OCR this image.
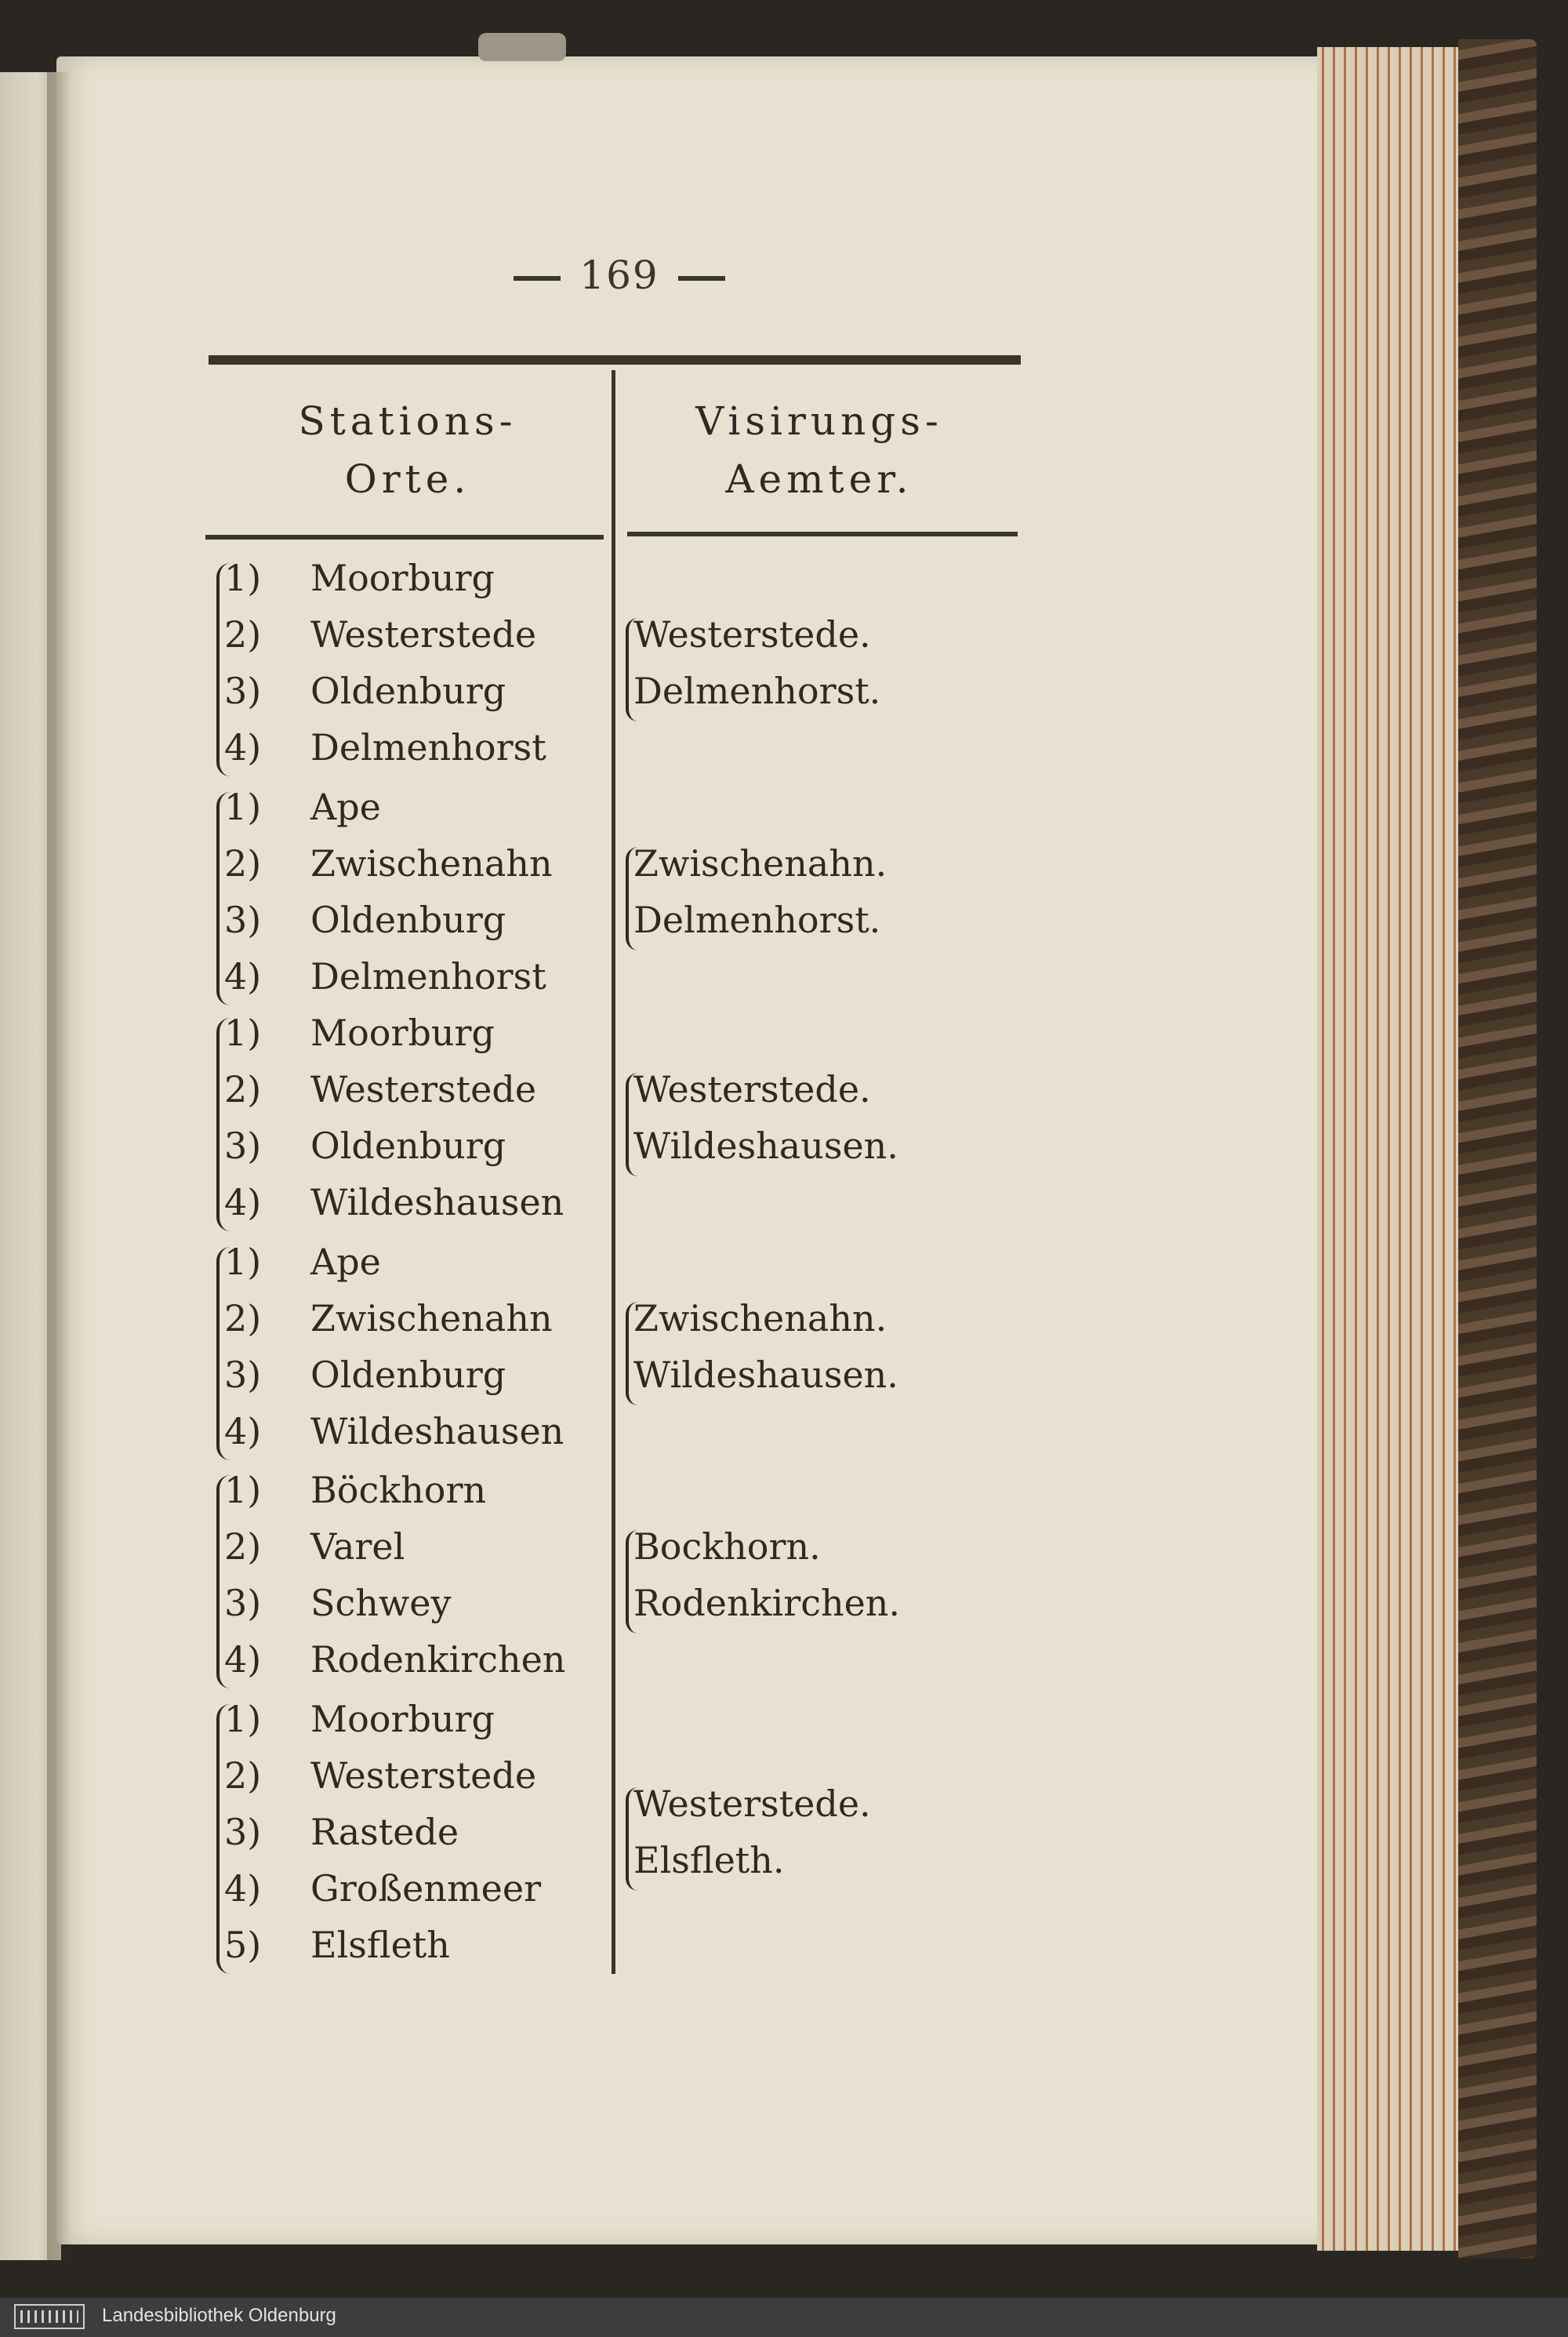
169
Stations-
Orte.
Visirungs-
Aemter.
1) Moorburg
2) Westerstede
3) Oldenburg
4) Delmenhorst
Westerstede.
Delmenhorst.
1) Ape
2) Zwischenahn
3) Oldenburg
4) Delmenhorst
Zwischenahn.
Delmenhorst.
1) Moorburg
2) Westerstede
3) Oldenburg
4) Wildeshausen
Westerstede.
Wildeshausen.
1) Ape
2) Zwischenahn
3) Oldenburg
4) Wildeshausen
Zwischenahn.
Wildeshausen.
1) Böckhorn
2) Varel
3) Schwey
4) Rodenkirchen
Bockhorn.
Rodenkirchen.
1) Moorburg
2) Westerstede
3) Rastede
4) Großenmeer
5) Elsfleth
Westerstede.
Elsfleth.
Landesbibliothek Oldenburg
